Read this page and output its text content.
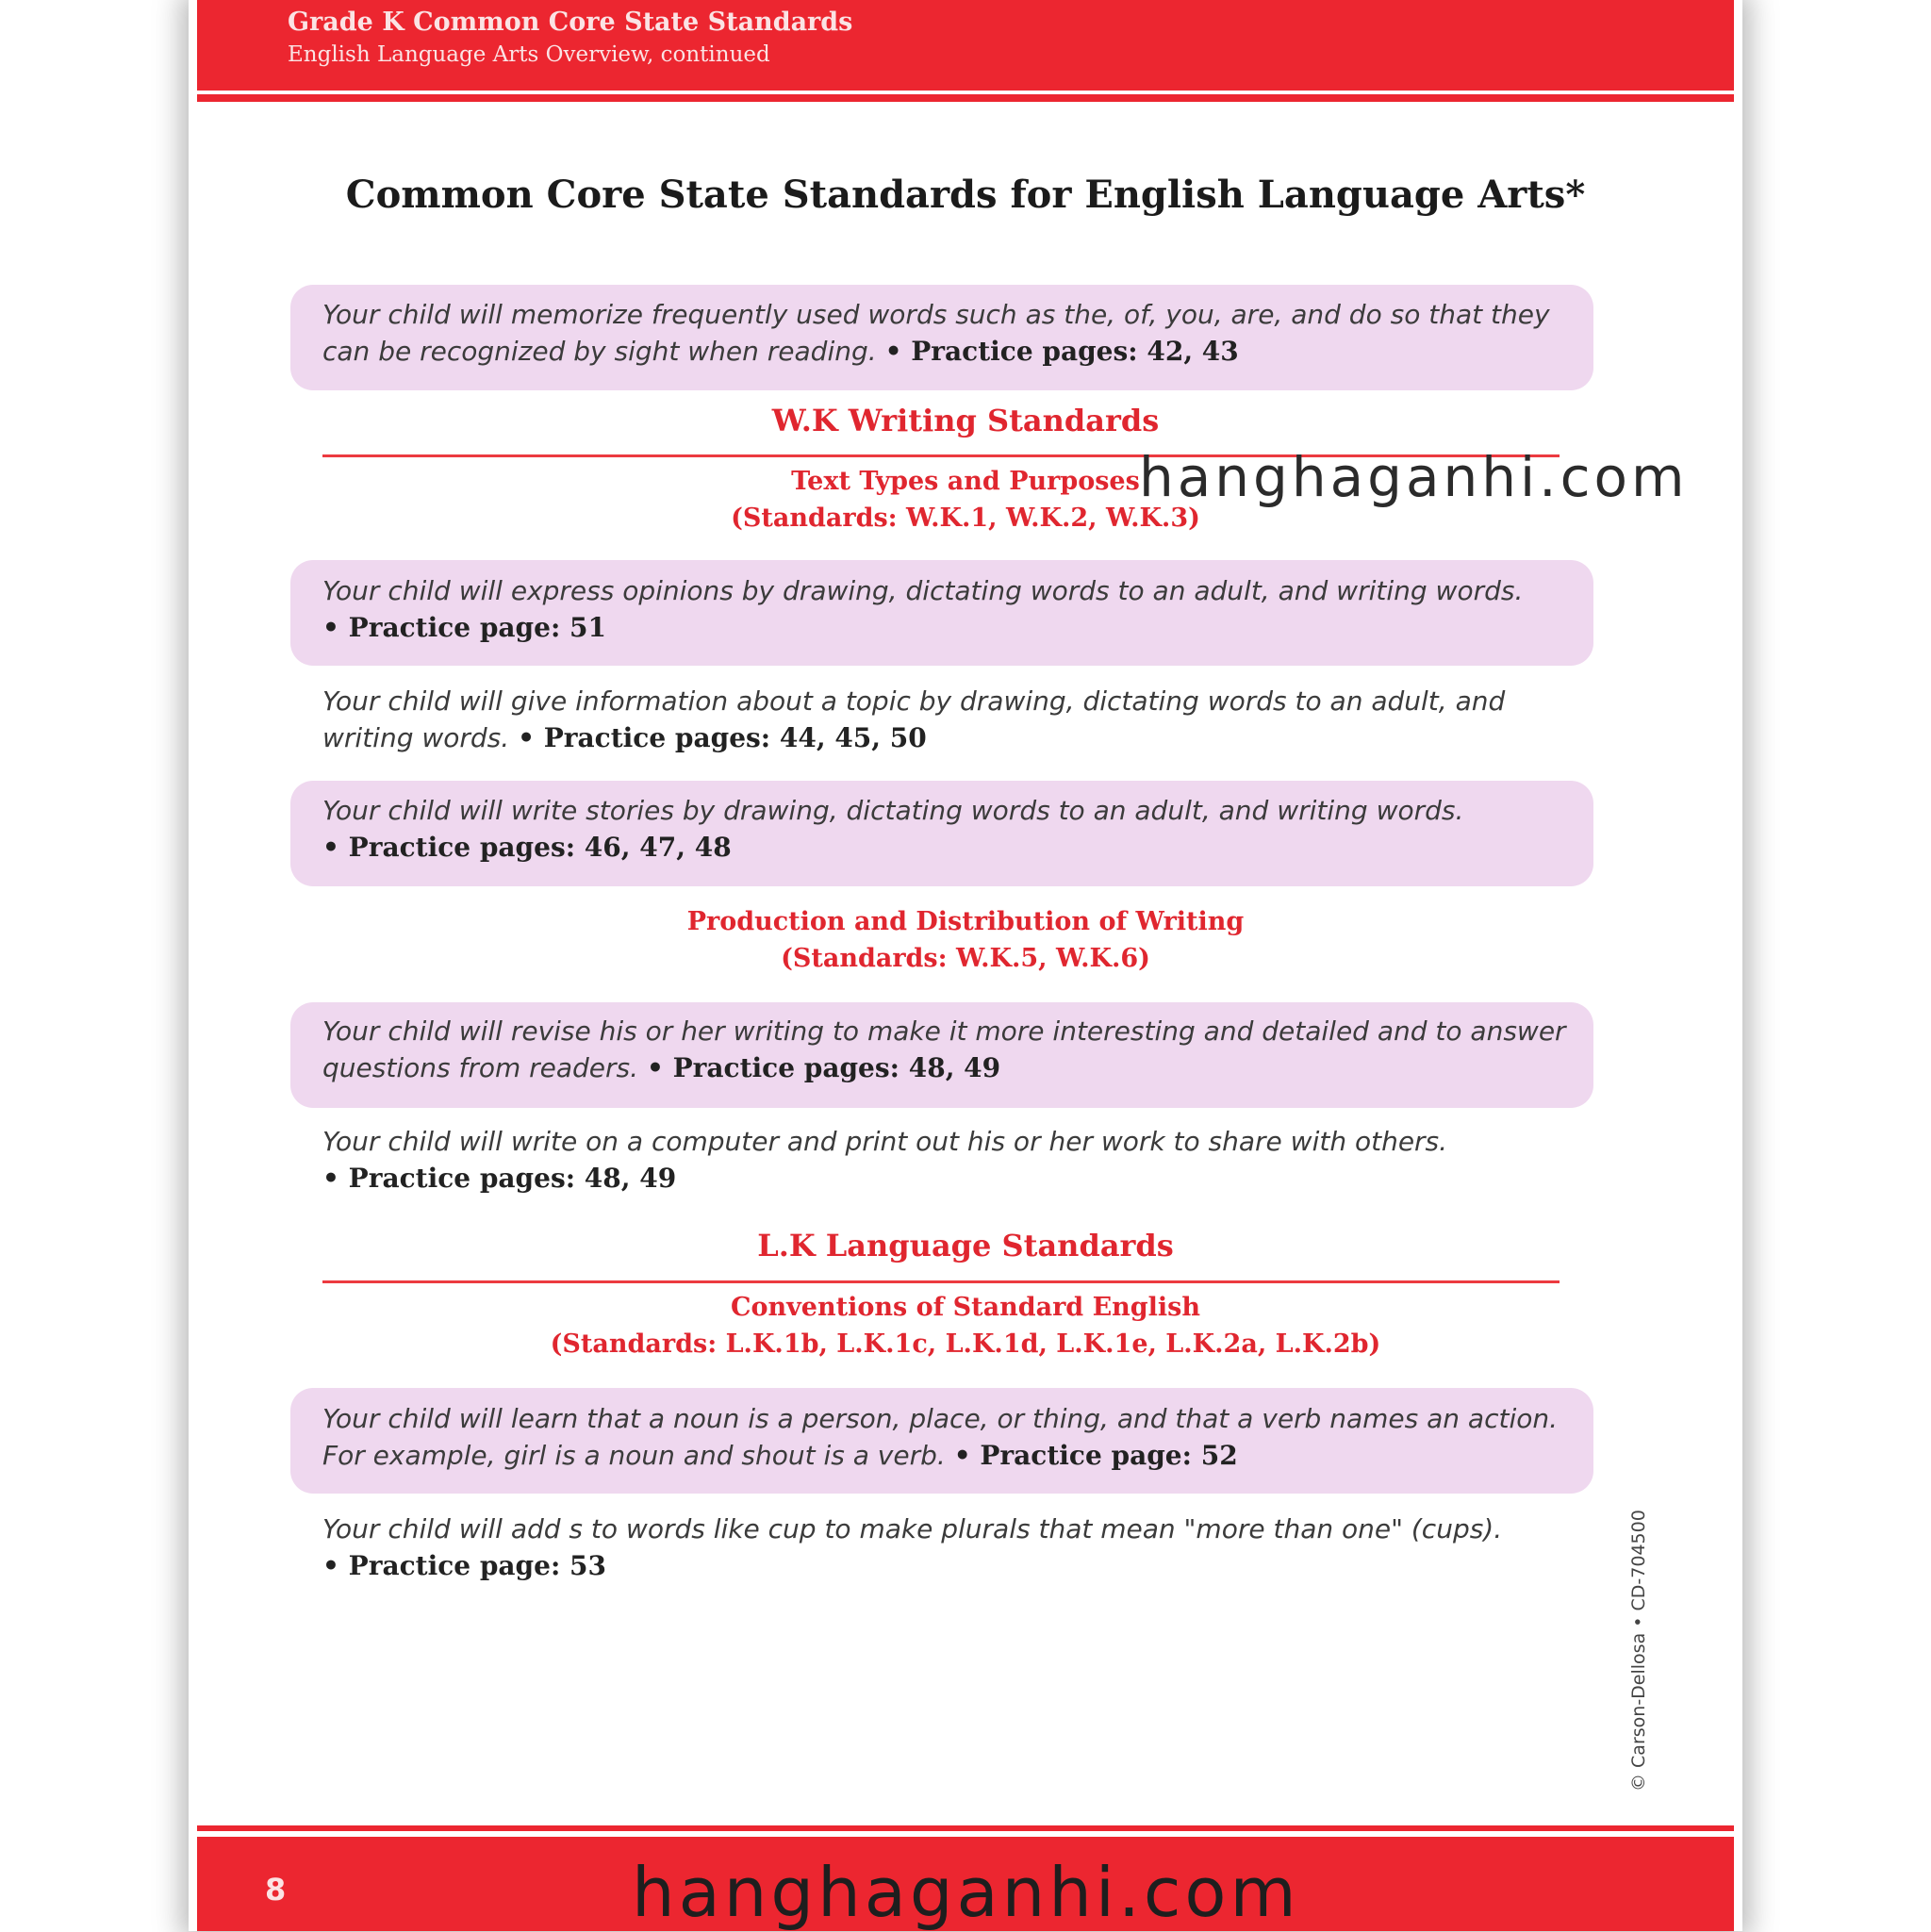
Grade K Common Core State Standards
English Language Arts Overview, continued
Common Core State Standards for English Language Arts*
Your child will memorize frequently used words such as the, of, you, are, and do so that they can be recognized by sight when reading. • Practice pages: 42, 43
W.K Writing Standards
Text Types and Purposes
(Standards: W.K.1, W.K.2, W.K.3)
Your child will express opinions by drawing, dictating words to an adult, and writing words.
• Practice page: 51
Your child will give information about a topic by drawing, dictating words to an adult, and writing words. • Practice pages: 44, 45, 50
Your child will write stories by drawing, dictating words to an adult, and writing words.
• Practice pages: 46, 47, 48
Production and Distribution of Writing
(Standards: W.K.5, W.K.6)
Your child will revise his or her writing to make it more interesting and detailed and to answer questions from readers. • Practice pages: 48, 49
Your child will write on a computer and print out his or her work to share with others.
• Practice pages: 48, 49
L.K Language Standards
Conventions of Standard English
(Standards: L.K.1b, L.K.1c, L.K.1d, L.K.1e, L.K.2a, L.K.2b)
Your child will learn that a noun is a person, place, or thing, and that a verb names an action. For example, girl is a noun and shout is a verb. • Practice page: 52
Your child will add s to words like cup to make plurals that mean "more than one" (cups).
• Practice page: 53	© Carson-Dellosa • CD-704500
8
hanghaganhi.com
hanghaganhi.com
